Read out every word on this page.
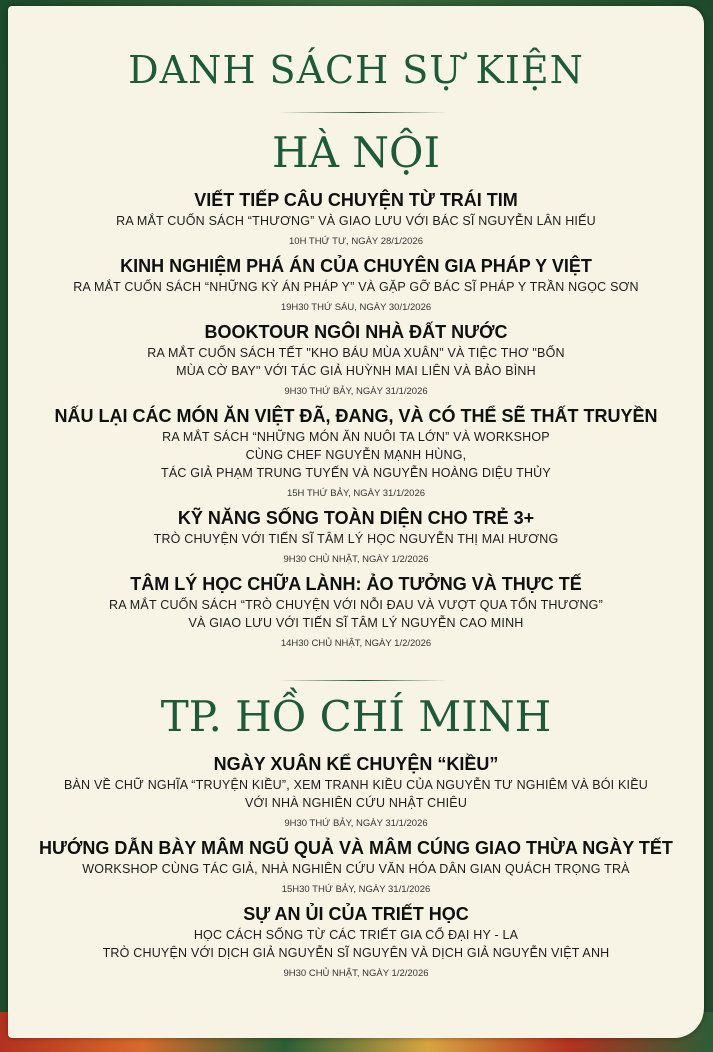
DANH SÁCH SỰ KIỆN
HÀ NỘI
VIẾT TIẾP CÂU CHUYỆN TỪ TRÁI TIM
RA MẮT CUỐN SÁCH “THƯƠNG” VÀ GIAO LƯU VỚI BÁC SĨ NGUYỄN LÂN HIẾU
10H THỨ TƯ, NGÀY 28/1/2026
KINH NGHIỆM PHÁ ÁN CỦA CHUYÊN GIA PHÁP Y VIỆT
RA MẮT CUỐN SÁCH “NHỮNG KỲ ÁN PHÁP Y” VÀ GẶP GỠ BÁC SĨ PHÁP Y TRẦN NGỌC SƠN
19H30 THỨ SÁU, NGÀY 30/1/2026
BOOKTOUR NGÔI NHÀ ĐẤT NƯỚC
RA MẮT CUỐN SÁCH TẾT "KHO BÁU MÙA XUÂN" VÀ TIỆC THƠ "BỐN
MÙA CỜ BAY" VỚI TÁC GIẢ HUỲNH MAI LIÊN VÀ BẢO BÌNH
9H30 THỨ BẢY, NGÀY 31/1/2026
NẤU LẠI CÁC MÓN ĂN VIỆT ĐÃ, ĐANG, VÀ CÓ THỂ SẼ THẤT TRUYỀN
RA MẮT SÁCH “NHỮNG MÓN ĂN NUÔI TA LỚN” VÀ WORKSHOP
CÙNG CHEF NGUYỄN MẠNH HÙNG,
TÁC GIẢ PHẠM TRUNG TUYẾN VÀ NGUYỄN HOÀNG DIỆU THỦY
15H THỨ BẢY, NGÀY 31/1/2026
KỸ NĂNG SỐNG TOÀN DIỆN CHO TRẺ 3+
TRÒ CHUYỆN VỚI TIẾN SĨ TÂM LÝ HỌC NGUYỄN THỊ MAI HƯƠNG
9H30 CHỦ NHẬT, NGÀY 1/2/2026
TÂM LÝ HỌC CHỮA LÀNH: ẢO TƯỞNG VÀ THỰC TẾ
RA MẮT CUỐN SÁCH “TRÒ CHUYỆN VỚI NỖI ĐAU VÀ VƯỢT QUA TỔN THƯƠNG”
VÀ GIAO LƯU VỚI TIẾN SĨ TÂM LÝ NGUYỄN CAO MINH
14H30 CHỦ NHẬT, NGÀY 1/2/2026
TP. HỒ CHÍ MINH
NGÀY XUÂN KỂ CHUYỆN “KIỀU”
BÀN VỀ CHỮ NGHĨA “TRUYỆN KIỀU”, XEM TRANH KIỀU CỦA NGUYỄN TƯ NGHIÊM VÀ BÓI KIỀU
VỚI NHÀ NGHIÊN CỨU NHẬT CHIÊU
9H30 THỨ BẢY, NGÀY 31/1/2026
HƯỚNG DẪN BÀY MÂM NGŨ QUẢ VÀ MÂM CÚNG GIAO THỪA NGÀY TẾT
WORKSHOP CÙNG TÁC GIẢ, NHÀ NGHIÊN CỨU VĂN HÓA DÂN GIAN QUÁCH TRỌNG TRÀ
15H30 THỨ BẢY, NGÀY 31/1/2026
SỰ AN ỦI CỦA TRIẾT HỌC
HỌC CÁCH SỐNG TỪ CÁC TRIẾT GIA CỔ ĐẠI HY - LA
TRÒ CHUYỆN VỚI DỊCH GIẢ NGUYỄN SĨ NGUYÊN VÀ DỊCH GIẢ NGUYỄN VIỆT ANH
9H30 CHỦ NHẬT, NGÀY 1/2/2026
